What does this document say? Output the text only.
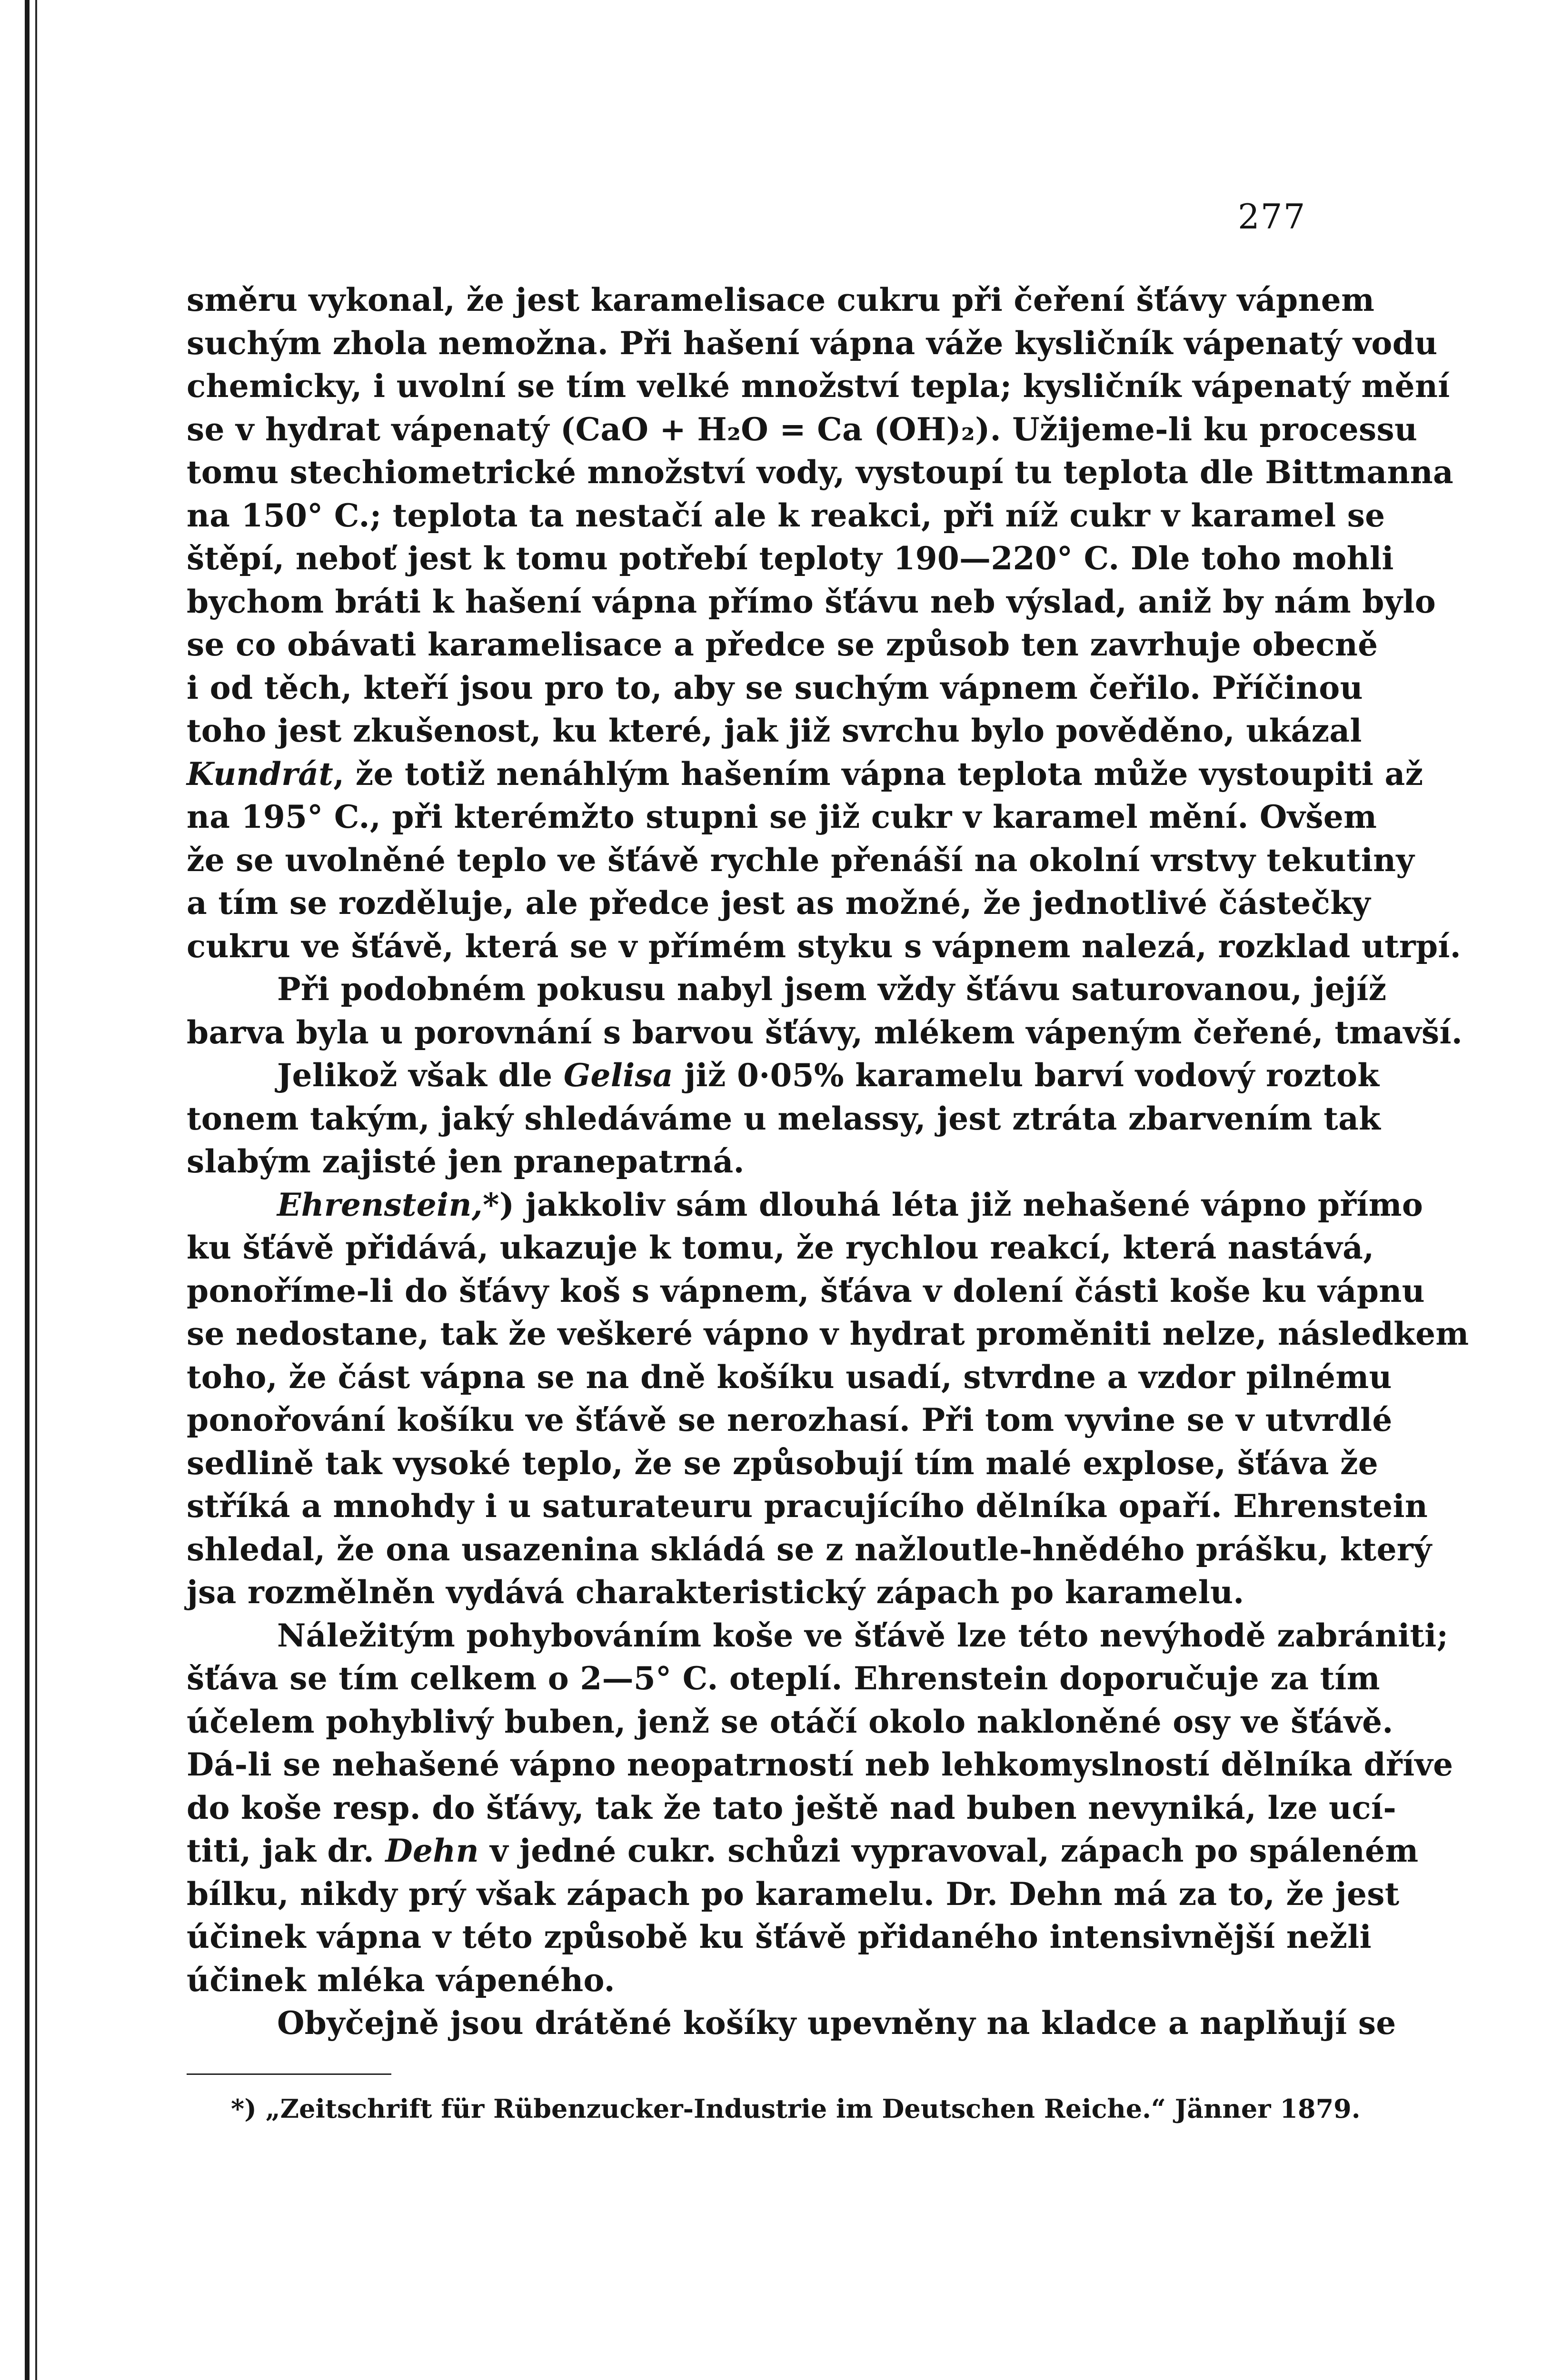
277
směru vykonal, že jest karamelisace cukru při čeření šťávy vápnem
suchým zhola nemožna. Při hašení vápna váže kysličník vápenatý vodu
chemicky, i uvolní se tím velké množství tepla; kysličník vápenatý mění
se v hydrat vápenatý (CaO + H₂O = Ca (OH)₂). Užijeme-li ku processu
tomu stechiometrické množství vody, vystoupí tu teplota dle Bittmanna
na 150° C.; teplota ta nestačí ale k reakci, při níž cukr v karamel se
štěpí, neboť jest k tomu potřebí teploty 190—220° C. Dle toho mohli
bychom bráti k hašení vápna přímo šťávu neb výslad, aniž by nám bylo
se co obávati karamelisace a předce se způsob ten zavrhuje obecně
i od těch, kteří jsou pro to, aby se suchým vápnem čeřilo. Příčinou
toho jest zkušenost, ku které, jak již svrchu bylo pověděno, ukázal
Kundrát, že totiž nenáhlým hašením vápna teplota může vystoupiti až
na 195° C., při kterémžto stupni se již cukr v karamel mění. Ovšem
že se uvolněné teplo ve šťávě rychle přenáší na okolní vrstvy tekutiny
a tím se rozděluje, ale předce jest as možné, že jednotlivé částečky
cukru ve šťávě, která se v přímém styku s vápnem nalezá, rozklad utrpí.
Při podobném pokusu nabyl jsem vždy šťávu saturovanou, jejíž
barva byla u porovnání s barvou šťávy, mlékem vápeným čeřené, tmavší.
Jelikož však dle Gelisa již 0·05% karamelu barví vodový roztok
tonem takým, jaký shledáváme u melassy, jest ztráta zbarvením tak
slabým zajisté jen pranepatrná.
Ehrenstein,*) jakkoliv sám dlouhá léta již nehašené vápno přímo
ku šťávě přidává, ukazuje k tomu, že rychlou reakcí, která nastává,
ponoříme-li do šťávy koš s vápnem, šťáva v dolení části koše ku vápnu
se nedostane, tak že veškeré vápno v hydrat proměniti nelze, následkem
toho, že část vápna se na dně košíku usadí, stvrdne a vzdor pilnému
ponořování košíku ve šťávě se nerozhasí. Při tom vyvine se v utvrdlé
sedlině tak vysoké teplo, že se způsobují tím malé explose, šťáva že
stříká a mnohdy i u saturateuru pracujícího dělníka opaří. Ehrenstein
shledal, že ona usazenina skládá se z nažloutle-hnědého prášku, který
jsa rozmělněn vydává charakteristický zápach po karamelu.
Náležitým pohybováním koše ve šťávě lze této nevýhodě zabrániti;
šťáva se tím celkem o 2—5° C. oteplí. Ehrenstein doporučuje za tím
účelem pohyblivý buben, jenž se otáčí okolo nakloněné osy ve šťávě.
Dá-li se nehašené vápno neopatrností neb lehkomyslností dělníka dříve
do koše resp. do šťávy, tak že tato ještě nad buben nevyniká, lze ucí-
titi, jak dr. Dehn v jedné cukr. schůzi vypravoval, zápach po spáleném
bílku, nikdy prý však zápach po karamelu. Dr. Dehn má za to, že jest
účinek vápna v této způsobě ku šťávě přidaného intensivnější nežli
účinek mléka vápeného.
Obyčejně jsou drátěné košíky upevněny na kladce a naplňují se
*) „Zeitschrift für Rübenzucker-Industrie im Deutschen Reiche.“ Jänner 1879.
